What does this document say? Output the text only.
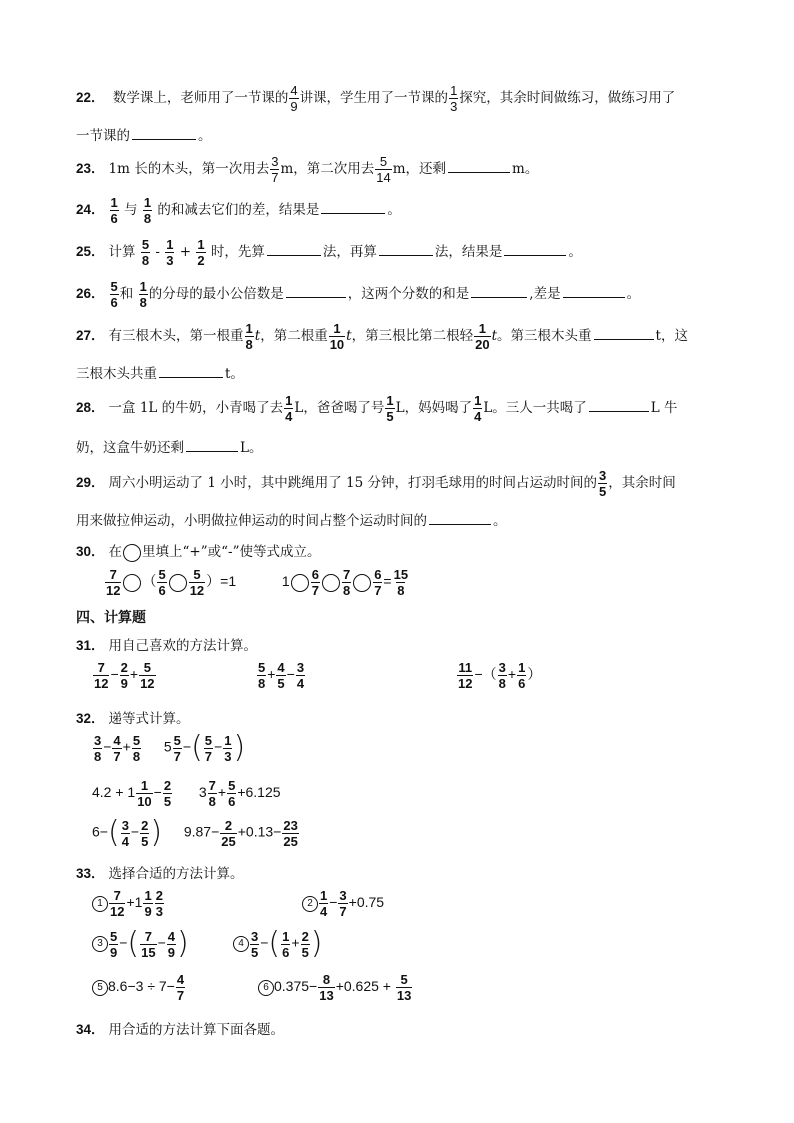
22． 数学课上，老师用了一节课的 $\frac{4}{9}$ 讲课，学生用了一节课的 $\frac{1}{3}$ 探究，其余时间做练习，做练习用了
一节课的	。
23． 1m 长的木头，第一次用去 $\frac{3}{7}$ m，第二次用去 $\frac{5}{14}$ m，还剩	m。
24． $\frac{1}{6}$ 与 $\frac{1}{8}$ 的和减去它们的差，结果是	。
25． 计算 $\frac{5}{8} - \frac{1}{3} + \frac{1}{2}$ 时，先算	法，再算	法，结果是	。
26． $\frac{5}{6}$ 和 $\frac{1}{8}$ 的分母的最小公倍数是	，这两个分数的和是	,差是	。
27． 有三根木头，第一根重 $\frac{1}{8}$ t，第二根重 $\frac{1}{10}$ t，第三根比第二根轻 $\frac{1}{20}$ t。第三根木头重	t，这
三根木头共重	t。
28． 一盒 1L 的牛奶，小青喝了去 $\frac{1}{4}$ L，爸爸喝了号 $\frac{1}{5}$ L，妈妈喝了 $\frac{1}{4}$ L。三人一共喝了	L 牛
奶，这盒牛奶还剩	L。
29． 周六小明运动了 1 小时，其中跳绳用了 15 分钟，打羽毛球用的时间占运动时间的 $\frac{3}{5}$ ，其余时间
用来做拉伸运动，小明做拉伸运动的时间占整个运动时间的	。
30． 在 里填上“+”或“-”使等式成立。
$\frac{7}{12}$ （ $\frac{5}{6} \frac{5}{12} )=1$	$1 \frac{6}{7} \frac{7}{8} \frac{6}{7} = \frac{15}{8}$
四、计算题
31． 用自己喜欢的方法计算。
$\frac{7}{12} - \frac{2}{9} + \frac{5}{12}$	$\frac{5}{8} + \frac{4}{5} - \frac{3}{4}$	$\frac{11}{12}$ −（ $\frac{3}{8} + \frac{1}{6}$ ）
32． 递等式计算。
$\frac{3}{8} - \frac{4}{7} + \frac{5}{8} 5 \frac{5}{7}$ −( $\frac{5}{7} - \frac{1}{3}$ )
$4.2 + 1 \frac{1}{10} - \frac{2}{5} 3 \frac{7}{8} + \frac{5}{6} +6.125$
$6-( \frac{3}{4} - \frac{2}{5}$ ) $9.87- \frac{2}{25} +0.13- \frac{23}{25}$
33． 选择合适的方法计算。
$1 \frac{7}{12} +1 \frac{1}{9} \frac{2}{3}$	$2 \frac{1}{4} - \frac{3}{7} +0.75$
$3 \frac{5}{9}$ −( $\frac{7}{15} - \frac{4}{9}$ )	$4 \frac{3}{5}$ −( $\frac{1}{6} + \frac{2}{5}$ )
5 $8.6-3 \div 7- \frac{4}{7}$	6 $0.375- \frac{8}{13} +0.625 + \frac{5}{13}$
34． 用合适的方法计算下面各题。
